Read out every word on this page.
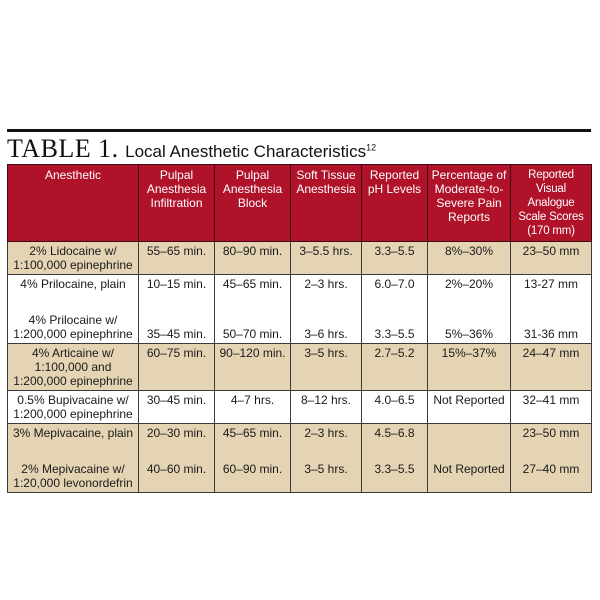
TABLE 1. Local Anesthetic Characteristics$^{12}$
Anesthetic	Pulpal Anesthesia Infiltration	Pulpal Anesthesia Block	Soft Tissue Anesthesia	Reported pH Levels	Percentage of Moderate-to-Severe Pain Reports	Reported Visual Analogue Scale Scores (170 mm)
2% Lidocaine w/ 1:100,000 epinephrine	55–65 min.	80–90 min.	3–5.5 hrs.	3.3–5.5	8%–30%	23–50 mm
4% Prilocaine, plain	10–15 min.	45–65 min.	2–3 hrs.	6.0–7.0	2%–20%	13-27 mm

4% Prilocaine w/ 1:200,000 epinephrine	35–45 min.	50–70 min.	3–6 hrs.	3.3–5.5	5%–36%	31-36 mm
4% Articaine w/ 1:100,000 and 1:200,000 epinephrine	60–75 min.	90–120 min.	3–5 hrs.	2.7–5.2	15%–37%	24–47 mm
0.5% Bupivacaine w/ 1:200,000 epinephrine	30–45 min.	4–7 hrs.	8–12 hrs.	4.0–6.5	Not Reported	32–41 mm
3% Mepivacaine, plain	20–30 min.	45–65 min.	2–3 hrs.	4.5–6.8		23–50 mm

2% Mepivacaine w/ 1:20,000 levonordefrin	40–60 min.	60–90 min.	3–5 hrs.	3.3–5.5	Not Reported	27–40 mm
